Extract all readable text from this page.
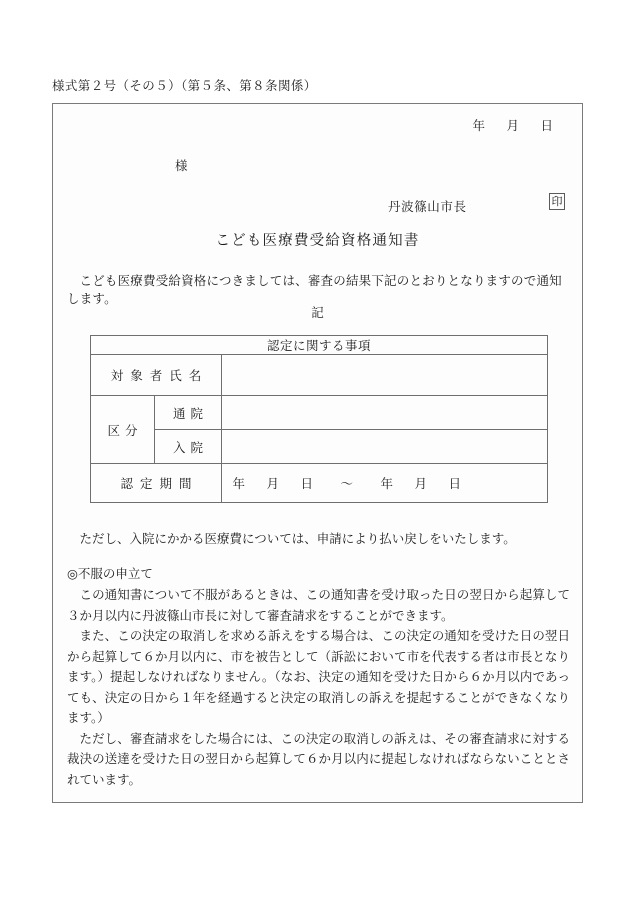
様式第２号（その５）（第５条、第８条関係）
年 月 日
様
丹波篠山市長	印
こども医療費受給資格通知書
こども医療費受給資格につきましては、審査の結果下記のとおりとなりますので通知します。
記
認定に関する事項		
対象者氏名		
区分	通院	
	入院	
認定期間		年 月 日 〜 年 月 日
ただし、入院にかかる医療費については、申請により払い戻しをいたします。
◎不服の申立て

この通知書について不服があるときは、この通知書を受け取った日の翌日から起算して３か月以内に丹波篠山市長に対して審査請求をすることができます。

また、この決定の取消しを求める訴えをする場合は、この決定の通知を受けた日の翌日から起算して６か月以内に、市を被告として（訴訟において市を代表する者は市長となります。）提起しなければなりません。（なお、決定の通知を受けた日から６か月以内であっても、決定の日から１年を経過すると決定の取消しの訴えを提起することができなくなります。）

ただし、審査請求をした場合には、この決定の取消しの訴えは、その審査請求に対する裁決の送達を受けた日の翌日から起算して６か月以内に提起しなければならないこととされています。
